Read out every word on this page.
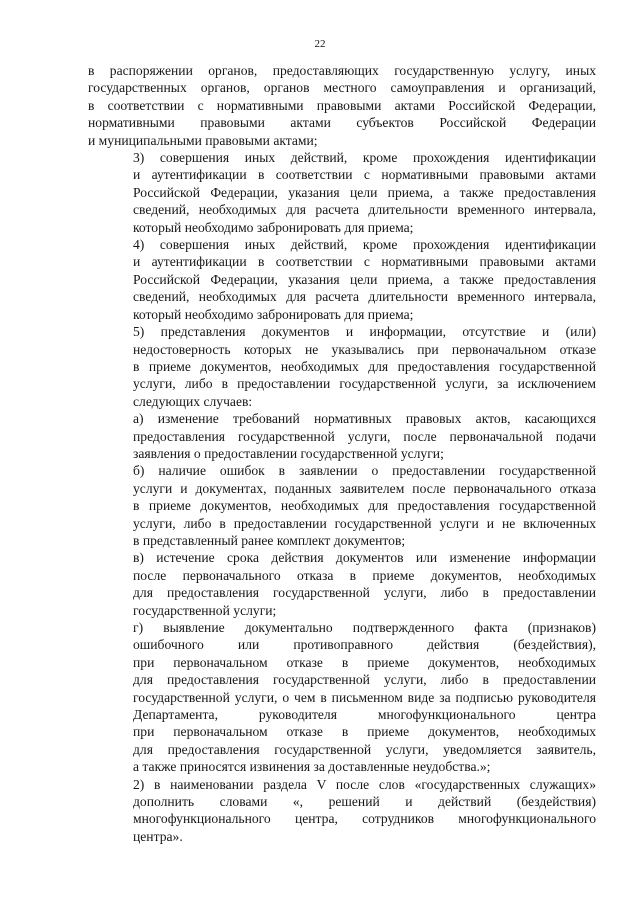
22
в распоряжении органов, предоставляющих государственную услугу, иных
государственных органов, органов местного самоуправления и организаций,
в соответствии с нормативными правовыми актами Российской Федерации,
нормативными правовыми актами субъектов Российской Федерации
и муниципальными правовыми актами;
3) совершения иных действий, кроме прохождения идентификации
и аутентификации в соответствии с нормативными правовыми актами
Российской Федерации, указания цели приема, а также предоставления
сведений, необходимых для расчета длительности временного интервала,
который необходимо забронировать для приема;
4) совершения иных действий, кроме прохождения идентификации
и аутентификации в соответствии с нормативными правовыми актами
Российской Федерации, указания цели приема, а также предоставления
сведений, необходимых для расчета длительности временного интервала,
который необходимо забронировать для приема;
5) представления документов и информации, отсутствие и (или)
недостоверность которых не указывались при первоначальном отказе
в приеме документов, необходимых для предоставления государственной
услуги, либо в предоставлении государственной услуги, за исключением
следующих случаев:
а) изменение требований нормативных правовых актов, касающихся
предоставления государственной услуги, после первоначальной подачи
заявления о предоставлении государственной услуги;
б) наличие ошибок в заявлении о предоставлении государственной
услуги и документах, поданных заявителем после первоначального отказа
в приеме документов, необходимых для предоставления государственной
услуги, либо в предоставлении государственной услуги и не включенных
в представленный ранее комплект документов;
в) истечение срока действия документов или изменение информации
после первоначального отказа в приеме документов, необходимых
для предоставления государственной услуги, либо в предоставлении
государственной услуги;
г) выявление документально подтвержденного факта (признаков)
ошибочного или противоправного действия (бездействия),
при первоначальном отказе в приеме документов, необходимых
для предоставления государственной услуги, либо в предоставлении
государственной услуги, о чем в письменном виде за подписью руководителя
Департамента, руководителя многофункционального центра
при первоначальном отказе в приеме документов, необходимых
для предоставления государственной услуги, уведомляется заявитель,
а также приносятся извинения за доставленные неудобства.»;
2) в наименовании раздела V после слов «государственных служащих»
дополнить словами «, решений и действий (бездействия)
многофункционального центра, сотрудников многофункционального
центра».
